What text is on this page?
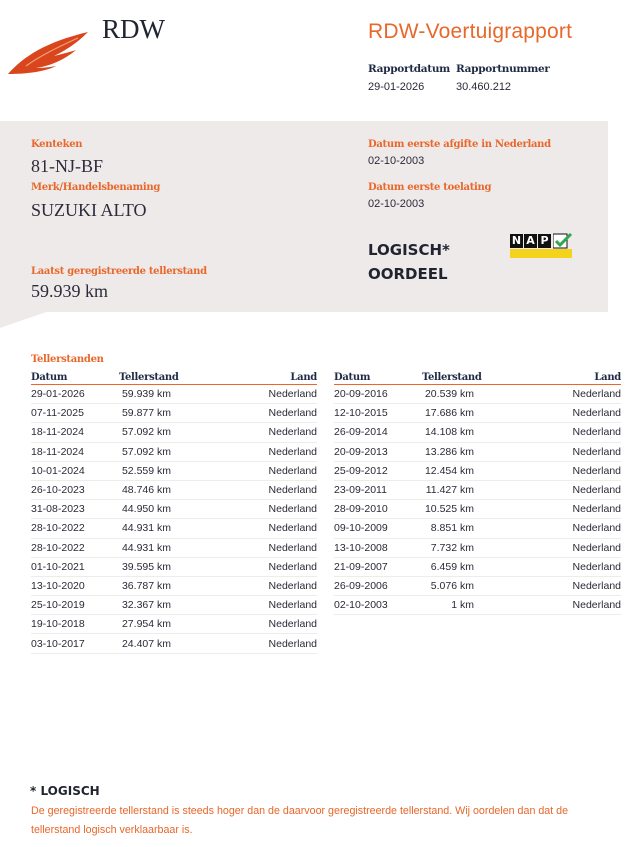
RDW	RDW-Voertuigrapport
Rapportdatum
29-01-2026
Rapportnummer
30.460.212
Kenteken
81-NJ-BF
Merk/Handelsbenaming
SUZUKI ALTO
Laatst geregistreerde tellerstand
59.939 km
Datum eerste afgifte in Nederland
02-10-2003
Datum eerste toelating
02-10-2003
LOGISCH*
OORDEEL
N A P
Tellerstanden
Datum	Tellerstand	Land
29-01-2026	59.939 km	Nederland
07-11-2025	59.877 km	Nederland
18-11-2024	57.092 km	Nederland
18-11-2024	57.092 km	Nederland
10-01-2024	52.559 km	Nederland
26-10-2023	48.746 km	Nederland
31-08-2023	44.950 km	Nederland
28-10-2022	44.931 km	Nederland
28-10-2022	44.931 km	Nederland
01-10-2021	39.595 km	Nederland
13-10-2020	36.787 km	Nederland
25-10-2019	32.367 km	Nederland
19-10-2018	27.954 km	Nederland
03-10-2017	24.407 km	Nederland
Datum	Tellerstand	Land
20-09-2016	20.539 km	Nederland
12-10-2015	17.686 km	Nederland
26-09-2014	14.108 km	Nederland
20-09-2013	13.286 km	Nederland
25-09-2012	12.454 km	Nederland
23-09-2011	11.427 km	Nederland
28-09-2010	10.525 km	Nederland
09-10-2009	8.851 km	Nederland
13-10-2008	7.732 km	Nederland
21-09-2007	6.459 km	Nederland
26-09-2006	5.076 km	Nederland
02-10-2003	1 km	Nederland
* LOGISCH
De geregistreerde tellerstand is steeds hoger dan de daarvoor geregistreerde tellerstand. Wij oordelen dan dat de tellerstand logisch verklaarbaar is.
